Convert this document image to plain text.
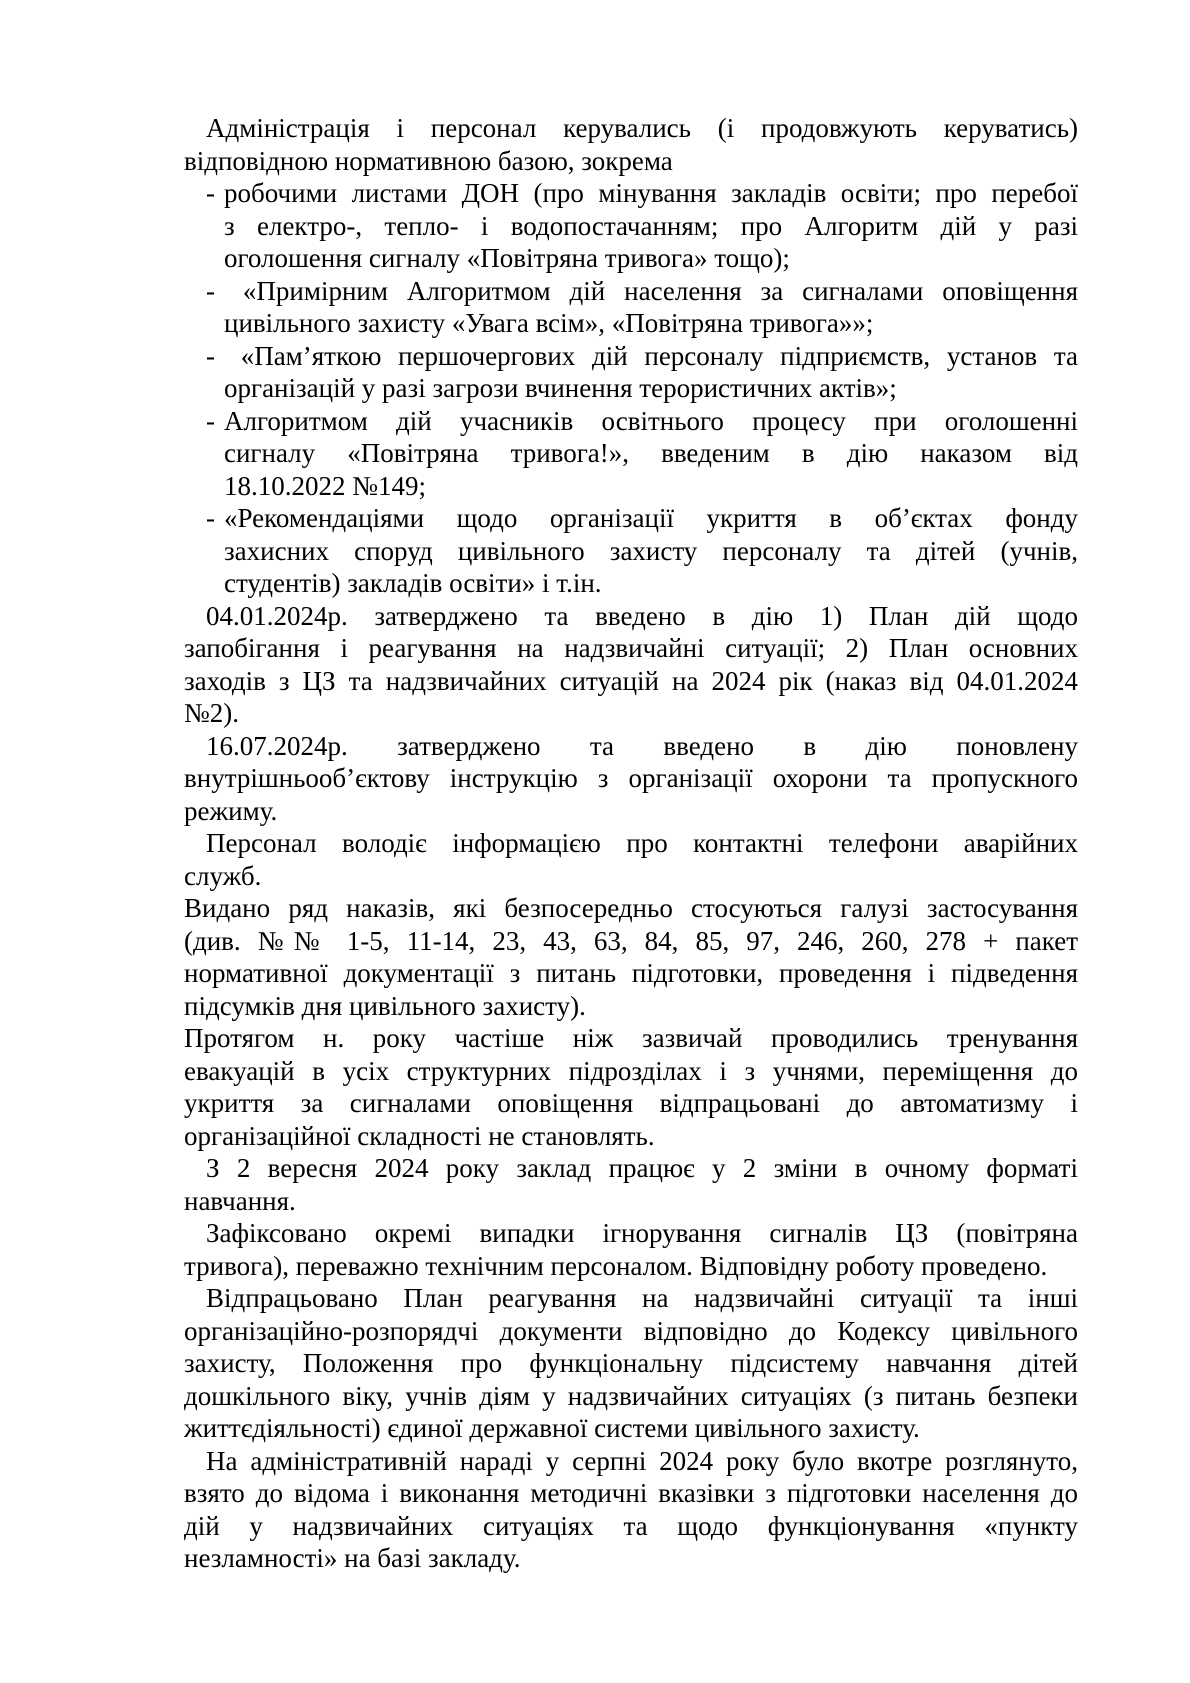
Адміністрація і персонал керувались (і продовжують керуватись)
відповідною нормативною базою, зокрема
- робочими листами ДОН (про мінування закладів освіти; про перебої
з електро-, тепло- і водопостачанням; про Алгоритм дій у разі
оголошення сигналу «Повітряна тривога» тощо);
- «Примірним Алгоритмом дій населення за сигналами оповіщення
цивільного захисту «Увага всім», «Повітряна тривога»»;
- «Пам’яткою першочергових дій персоналу підприємств, установ та
організацій у разі загрози вчинення терористичних актів»;
- Алгоритмом дій учасників освітнього процесу при оголошенні
сигналу «Повітряна тривога!», введеним в дію наказом від
18.10.2022 №149;
- «Рекомендаціями щодо організації укриття в об’єктах фонду
захисних споруд цивільного захисту персоналу та дітей (учнів,
студентів) закладів освіти» і т.ін.
04.01.2024р. затверджено та введено в дію 1) План дій щодо
запобігання і реагування на надзвичайні ситуації; 2) План основних
заходів з ЦЗ та надзвичайних ситуацій на 2024 рік (наказ від 04.01.2024
№2).
16.07.2024р. затверджено та введено в дію поновлену
внутрішньооб’єктову інструкцію з організації охорони та пропускного
режиму.
Персонал володіє інформацією про контактні телефони аварійних
служб.
Видано ряд наказів, які безпосередньо стосуються галузі застосування
(див. №№ 1-5, 11-14, 23, 43, 63, 84, 85, 97, 246, 260, 278 + пакет
нормативної документації з питань підготовки, проведення і підведення
підсумків дня цивільного захисту).
Протягом н. року частіше ніж зазвичай проводились тренування
евакуацій в усіх структурних підрозділах і з учнями, переміщення до
укриття за сигналами оповіщення відпрацьовані до автоматизму і
організаційної складності не становлять.
З 2 вересня 2024 року заклад працює у 2 зміни в очному форматі
навчання.
Зафіксовано окремі випадки ігнорування сигналів ЦЗ (повітряна
тривога), переважно технічним персоналом. Відповідну роботу проведено.
Відпрацьовано План реагування на надзвичайні ситуації та інші
організаційно-розпорядчі документи відповідно до Кодексу цивільного
захисту, Положення про функціональну підсистему навчання дітей
дошкільного віку, учнів діям у надзвичайних ситуаціях (з питань безпеки
життєдіяльності) єдиної державної системи цивільного захисту.
На адміністративній нараді у серпні 2024 року було вкотре розглянуто,
взято до відома і виконання методичні вказівки з підготовки населення до
дій у надзвичайних ситуаціях та щодо функціонування «пункту
незламності» на базі закладу.
